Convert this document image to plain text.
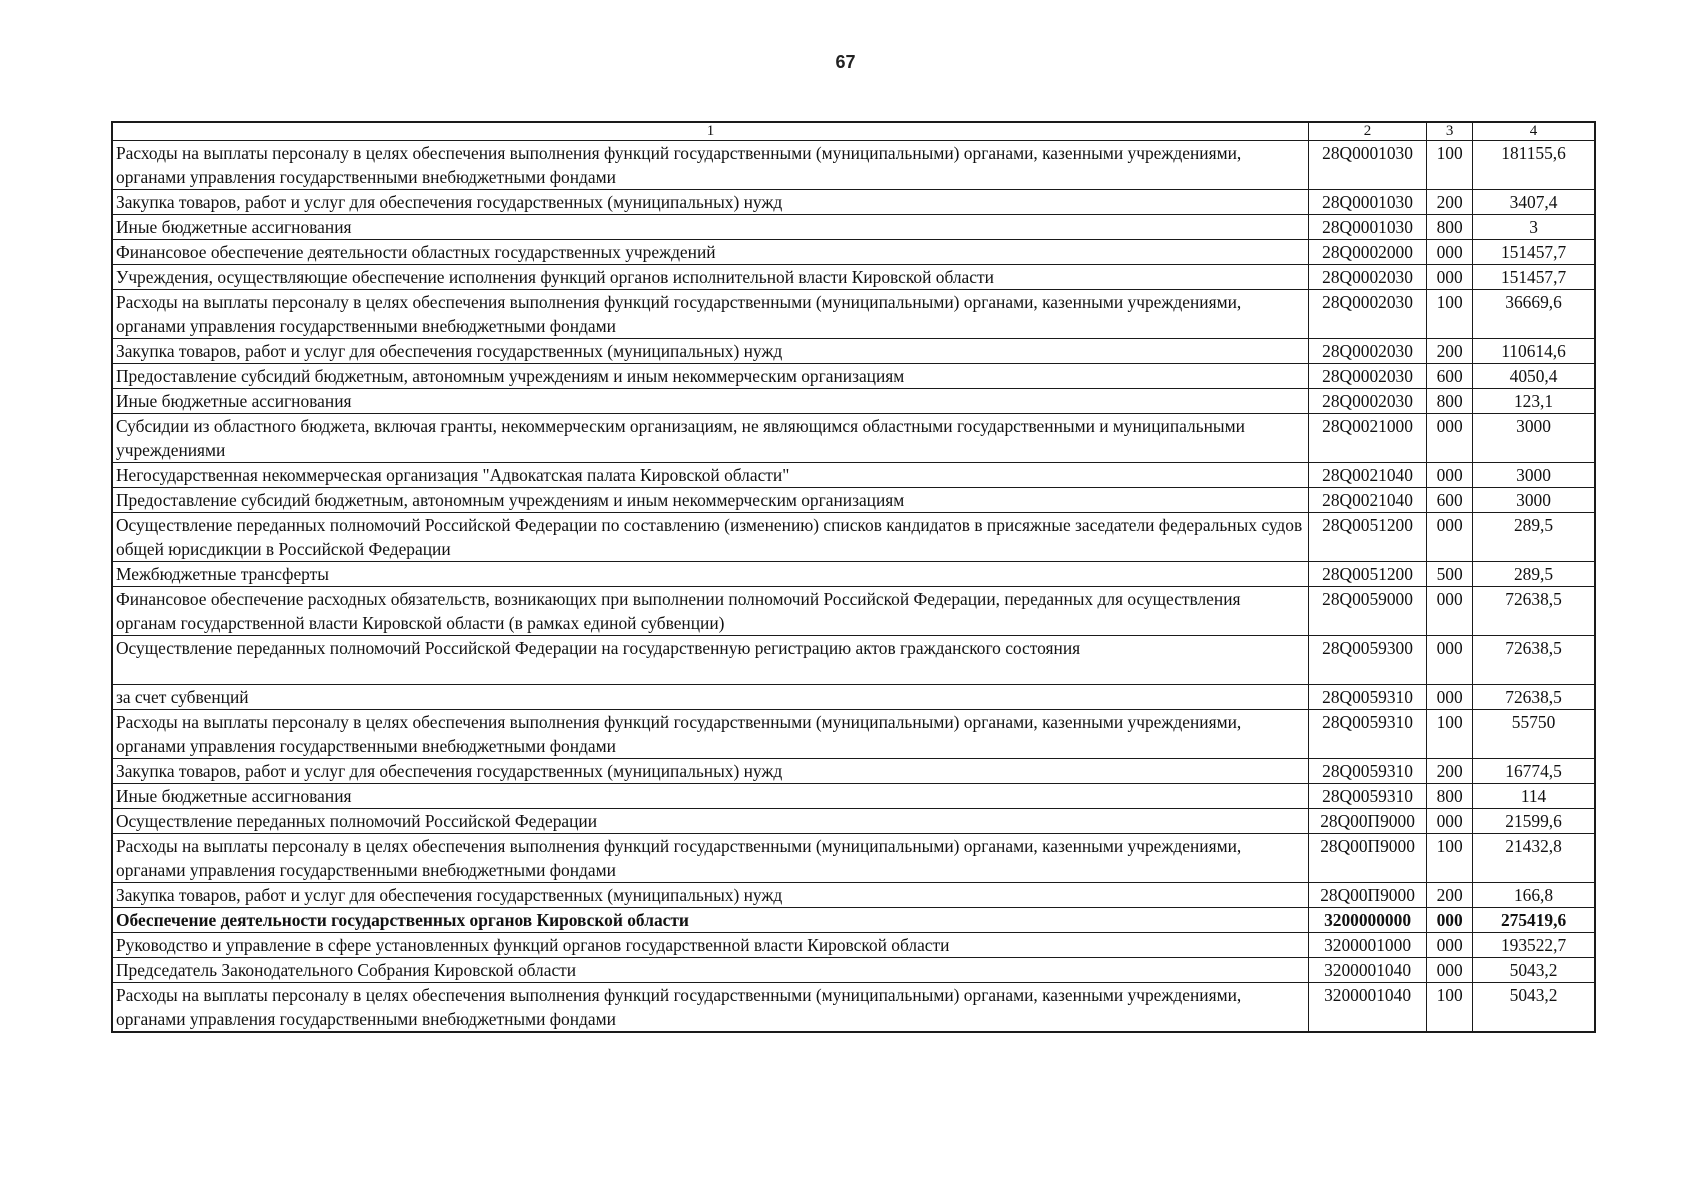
67
1	2	3	4
Расходы на выплаты персоналу в целях обеспечения выполнения функций государственными (муниципальными) органами, казенными учреждениями, органами управления государственными внебюджетными фондами	28Q0001030	100	181155,6
Закупка товаров, работ и услуг для обеспечения государственных (муниципальных) нужд	28Q0001030	200	3407,4
Иные бюджетные ассигнования	28Q0001030	800	3
Финансовое обеспечение деятельности областных государственных учреждений	28Q0002000	000	151457,7
Учреждения, осуществляющие обеспечение исполнения функций органов исполнительной власти Кировской области	28Q0002030	000	151457,7
Расходы на выплаты персоналу в целях обеспечения выполнения функций государственными (муниципальными) органами, казенными учреждениями, органами управления государственными внебюджетными фондами	28Q0002030	100	36669,6
Закупка товаров, работ и услуг для обеспечения государственных (муниципальных) нужд	28Q0002030	200	110614,6
Предоставление субсидий бюджетным, автономным учреждениям и иным некоммерческим организациям	28Q0002030	600	4050,4
Иные бюджетные ассигнования	28Q0002030	800	123,1
Субсидии из областного бюджета, включая гранты, некоммерческим организациям, не являющимся областными государственными и муниципальными учреждениями	28Q0021000	000	3000
Негосударственная некоммерческая организация "Адвокатская палата Кировской области"	28Q0021040	000	3000
Предоставление субсидий бюджетным, автономным учреждениям и иным некоммерческим организациям	28Q0021040	600	3000
Осуществление переданных полномочий Российской Федерации по составлению (изменению) списков кандидатов в присяжные заседатели федеральных судов общей юрисдикции в Российской Федерации	28Q0051200	000	289,5
Межбюджетные трансферты	28Q0051200	500	289,5
Финансовое обеспечение расходных обязательств, возникающих при выполнении полномочий Российской Федерации, переданных для осуществления органам государственной власти Кировской области (в рамках единой субвенции)	28Q0059000	000	72638,5
Осуществление переданных полномочий Российской Федерации на государственную регистрацию актов гражданского состояния	28Q0059300	000	72638,5
за счет субвенций	28Q0059310	000	72638,5
Расходы на выплаты персоналу в целях обеспечения выполнения функций государственными (муниципальными) органами, казенными учреждениями, органами управления государственными внебюджетными фондами	28Q0059310	100	55750
Закупка товаров, работ и услуг для обеспечения государственных (муниципальных) нужд	28Q0059310	200	16774,5
Иные бюджетные ассигнования	28Q0059310	800	114
Осуществление переданных полномочий Российской Федерации	28Q00П9000	000	21599,6
Расходы на выплаты персоналу в целях обеспечения выполнения функций государственными (муниципальными) органами, казенными учреждениями, органами управления государственными внебюджетными фондами	28Q00П9000	100	21432,8
Закупка товаров, работ и услуг для обеспечения государственных (муниципальных) нужд	28Q00П9000	200	166,8
Обеспечение деятельности государственных органов Кировской области	3200000000	000	275419,6
Руководство и управление в сфере установленных функций органов государственной власти Кировской области	3200001000	000	193522,7
Председатель Законодательного Собрания Кировской области	3200001040	000	5043,2
Расходы на выплаты персоналу в целях обеспечения выполнения функций государственными (муниципальными) органами, казенными учреждениями, органами управления государственными внебюджетными фондами	3200001040	100	5043,2
